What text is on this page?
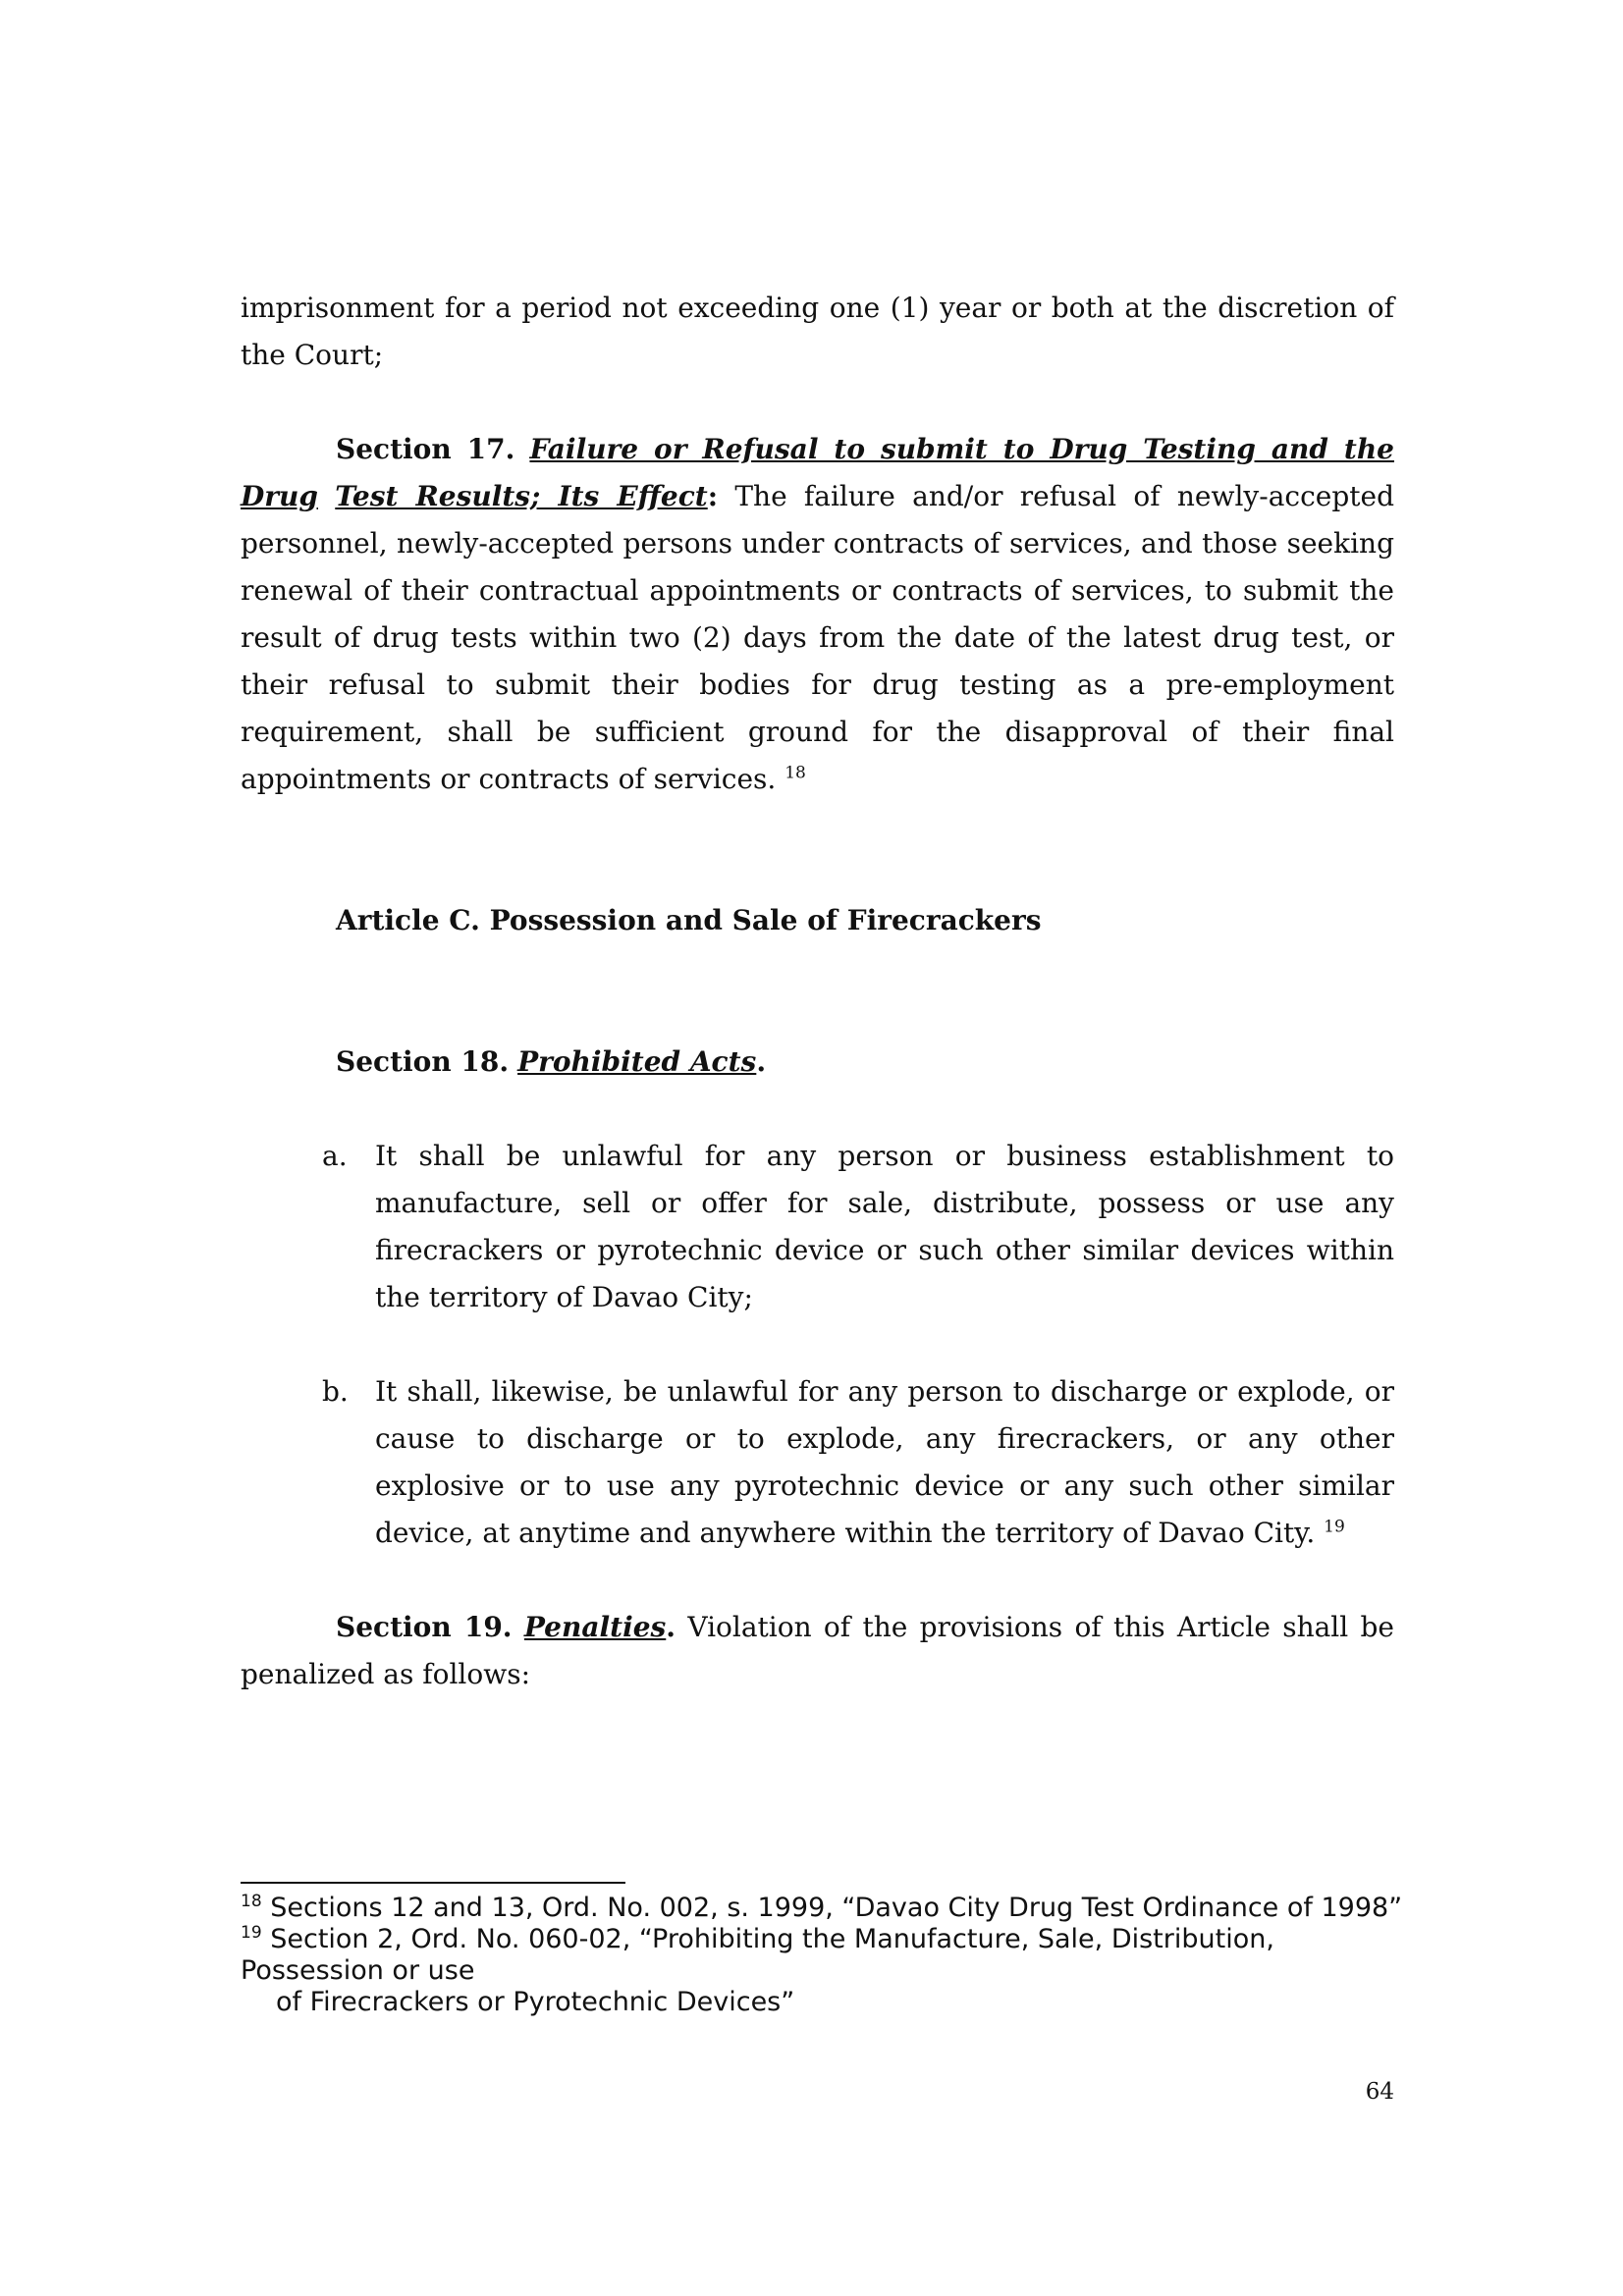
imprisonment for a period not exceeding one (1) year or both at the discretion of the Court;

Section 17. Failure or Refusal to submit to Drug Testing and the Drug Test Results; Its Effect: The failure and/or refusal of newly-accepted personnel, newly-accepted persons under contracts of services, and those seeking renewal of their contractual appointments or contracts of services, to submit the result of drug tests within two (2) days from the date of the latest drug test, or their refusal to submit their bodies for drug testing as a pre-employment requirement, shall be sufficient ground for the disapproval of their final appointments or contracts of services. $^{18}$

Article C. Possession and Sale of Firecrackers

Section 18. Prohibited Acts.

a. It shall be unlawful for any person or business establishment to manufacture, sell or offer for sale, distribute, possess or use any firecrackers or pyrotechnic device or such other similar devices within the territory of Davao City;
b. It shall, likewise, be unlawful for any person to discharge or explode, or cause to discharge or to explode, any firecrackers, or any other explosive or to use any pyrotechnic device or any such other similar device, at anytime and anywhere within the territory of Davao City. $^{19}$

Section 19. Penalties. Violation of the provisions of this Article shall be penalized as follows:

$^{18}$ Sections 12 and 13, Ord. No. 002, s. 1999, “Davao City Drug Test Ordinance of 1998”

$^{19}$ Section 2, Ord. No. 060-02, “Prohibiting the Manufacture, Sale, Distribution, Possession or use

of Firecrackers or Pyrotechnic Devices”

64
